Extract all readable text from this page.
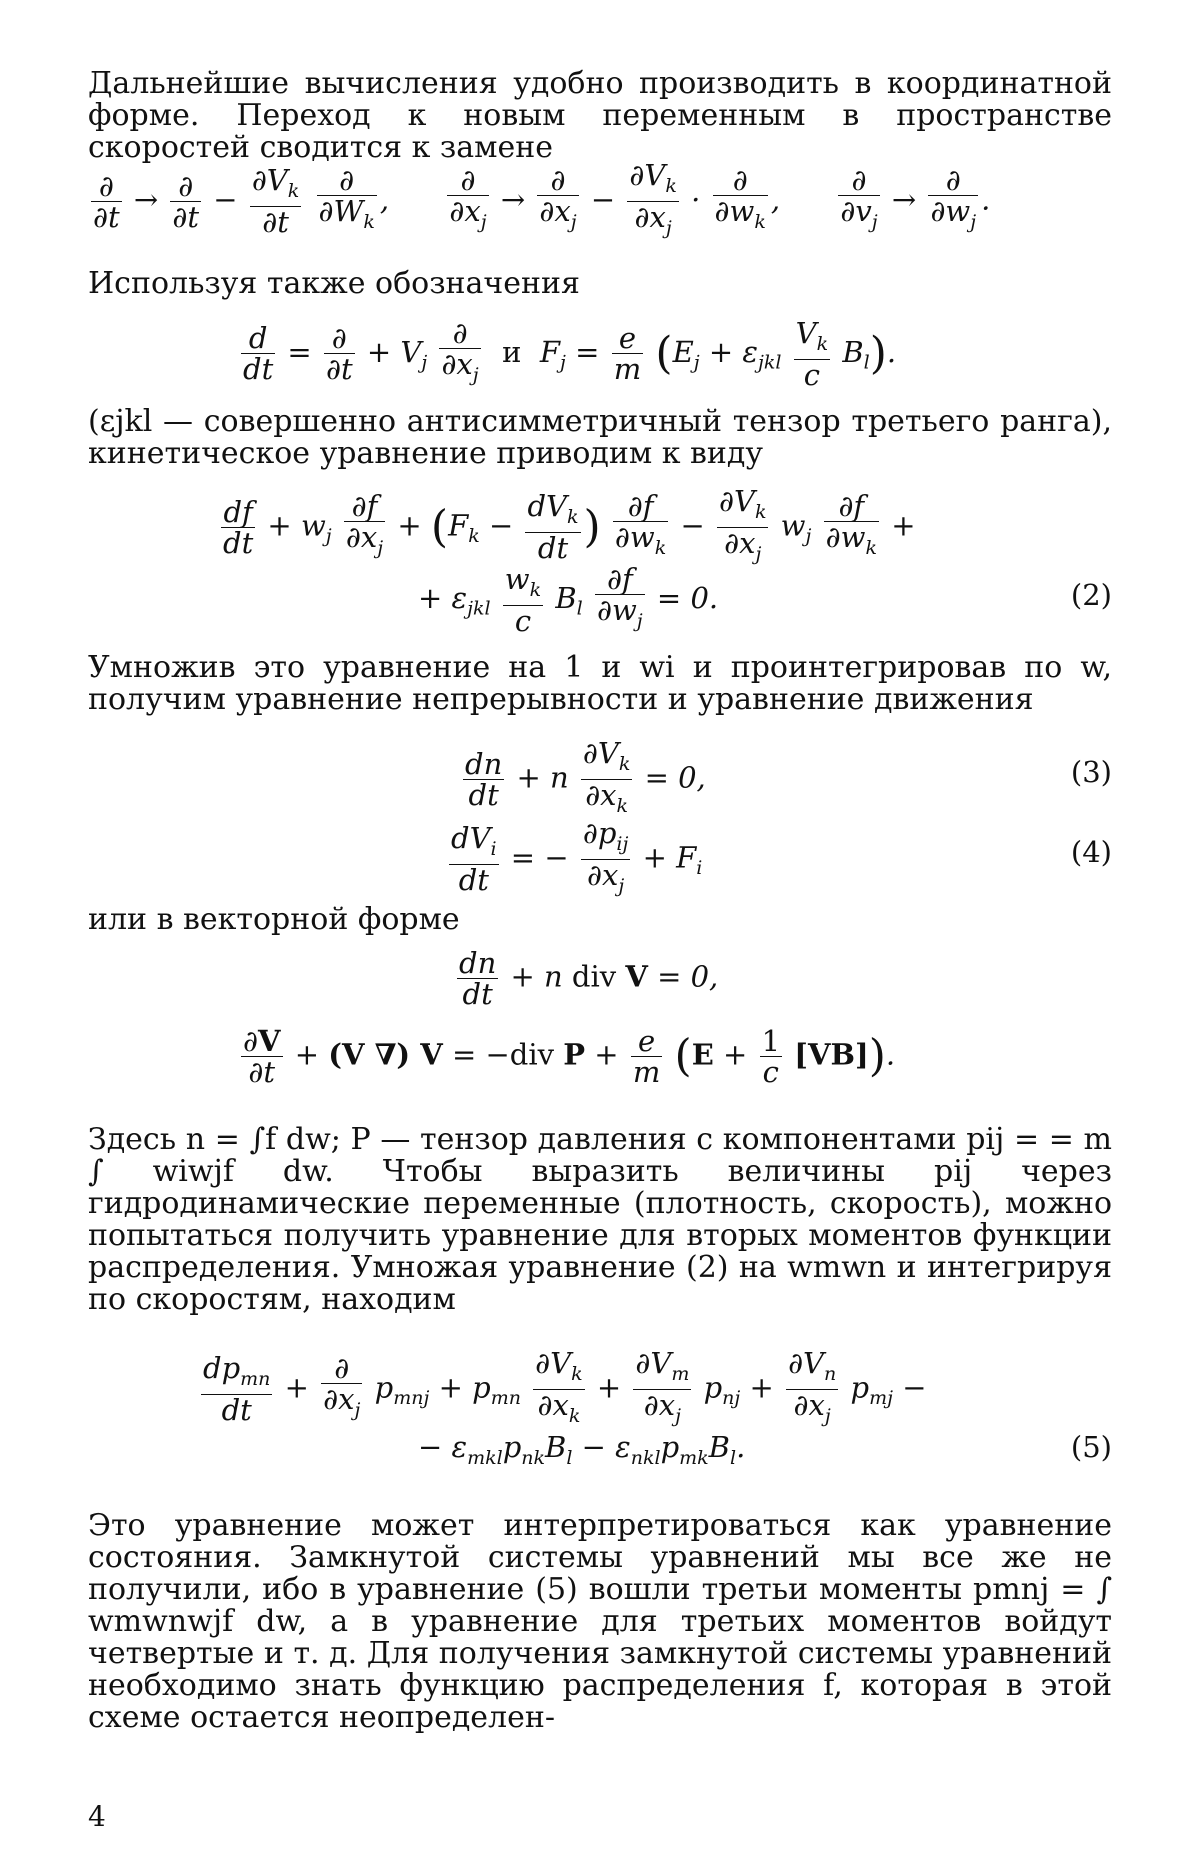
Дальнейшие вычисления удобно производить в координатной форме. Переход к новым переменным в пространстве скоростей сводится к замене

$\frac{\partial}{\partial t} \to \frac{\partial}{\partial t} - \frac{\partial V_k}{\partial t}$
$\frac{\partial}{\partial W_k}$ , $\frac{\partial}{\partial x_j} \to \frac{\partial}{\partial x_j} - \frac{\partial V_k}{\partial x_j} \cdot \frac{\partial}{\partial w_k}$ , $\frac{\partial}{\partial v_j} \to \frac{\partial}{\partial w_j}$ .

Используя также обозначения

$\frac{d}{dt} = \frac{\partial}{\partial t} + V_j \frac{\partial}{\partial x_j}$ и  $F_j = \frac{e}{m} (E_j + \varepsilon_{jkl} \frac{V_k}{c} B_l)$.

(εjkl — совершенно антисимметричный тензор третьего ранга), кинетическое уравнение приводим к виду

$\frac{df}{dt} + w_j \frac{\partial f}{\partial x_j} + (F_k - \frac{dV_k}{dt}$ ) $\frac{\partial f}{\partial w_k} - \frac{\partial V_k}{\partial x_j} w_j \frac{\partial f}{\partial w_k}$ +
+ $\varepsilon_{jkl} \frac{w_k}{c} B_l \frac{\partial f}{\partial w_j} = 0$.	(2)

Умножив это уравнение на 1 и wi и проинтегрировав по w, получим уравнение непрерывности и уравнение движения

$\frac{dn}{dt} + n \frac{\partial V_k}{\partial x_k} = 0$,	(3)
$\frac{dV_i}{dt}$ = − $\frac{\partial p_{ij}}{\partial x_j} + F_i$	(4)

или в векторной форме

$\frac{dn}{dt} + n$ div V = 0,
$\frac{\partial V}{\partial t} + (V$ ∇) V = −div $P + \frac{e}{m} (E + \frac{1}{c} [VB])$.

Здесь n = ∫f dw; P — тензор давления с компонентами pij = = m ∫ wiwjf dw. Чтобы выразить величины pij через гидродинамические переменные (плотность, скорость), можно попытаться получить уравнение для вторых моментов функции распределения. Умножая уравнение (2) на wmwn и интегрируя по скоростям, находим

$\frac{dp_{mn}}{dt} + \frac{\partial}{\partial x_j} p_{mnj} + p_{mn} \frac{\partial V_k}{\partial x_k} + \frac{\partial V_m}{\partial x_j} p_{nj} + \frac{\partial V_n}{\partial x_j} p_{mj}$ −
− $\varepsilon_{mkl}p_{nk}B_l - \varepsilon_{nkl}p_{mk}B_l$.	(5)

Это уравнение может интерпретироваться как уравнение состояния. Замкнутой системы уравнений мы все же не получили, ибо в уравнение (5) вошли третьи моменты pmnj = ∫ wmwnwjf dw, а в уравнение для третьих моментов войдут четвертые и т. д. Для получения замкнутой системы уравнений необходимо знать функцию распределения f, которая в этой схеме остается неопределен-

4
